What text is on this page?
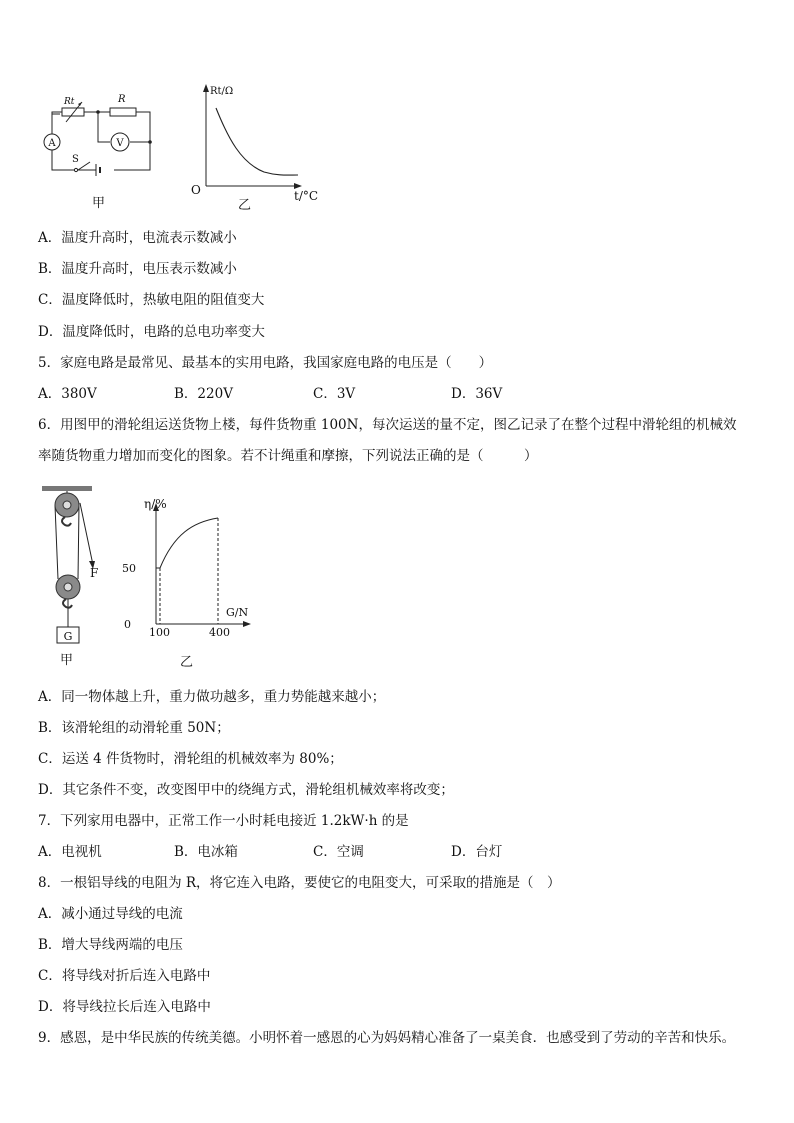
A	V
Rt	R
S
甲
Rt/Ω
O	t/°C
乙
A．温度升高时，电流表示数减小
B．温度升高时，电压表示数减小
C．温度降低时，热敏电阻的阻值变大
D．温度降低时，电路的总电功率变大
5．家庭电路是最常见、最基本的实用电路，我国家庭电路的电压是（　　）
A．380V	B．220V	C．3V	D．36V
6．用图甲的滑轮组运送货物上楼，每件货物重 100N，每次运送的量不定，图乙记录了在整个过程中滑轮组的机械效
率随货物重力增加而变化的图象。若不计绳重和摩擦，下列说法正确的是（　　　）
F
G
甲
η/%
50
0
100	400
G/N
乙
A．同一物体越上升，重力做功越多，重力势能越来越小；
B．该滑轮组的动滑轮重 50N；
C．运送 4 件货物时，滑轮组的机械效率为 80%；
D．其它条件不变，改变图甲中的绕绳方式，滑轮组机械效率将改变；
7．下列家用电器中，正常工作一小时耗电接近 1.2kW·h 的是
A．电视机	B．电冰箱	C．空调	D．台灯
8．一根铝导线的电阻为 R，将它连入电路，要使它的电阻变大，可采取的措施是（　）
A．减小通过导线的电流
B．增大导线两端的电压
C．将导线对折后连入电路中
D．将导线拉长后连入电路中
9．感恩，是中华民族的传统美德。小明怀着一感恩的心为妈妈精心准备了一桌美食．也感受到了劳动的辛苦和快乐。
